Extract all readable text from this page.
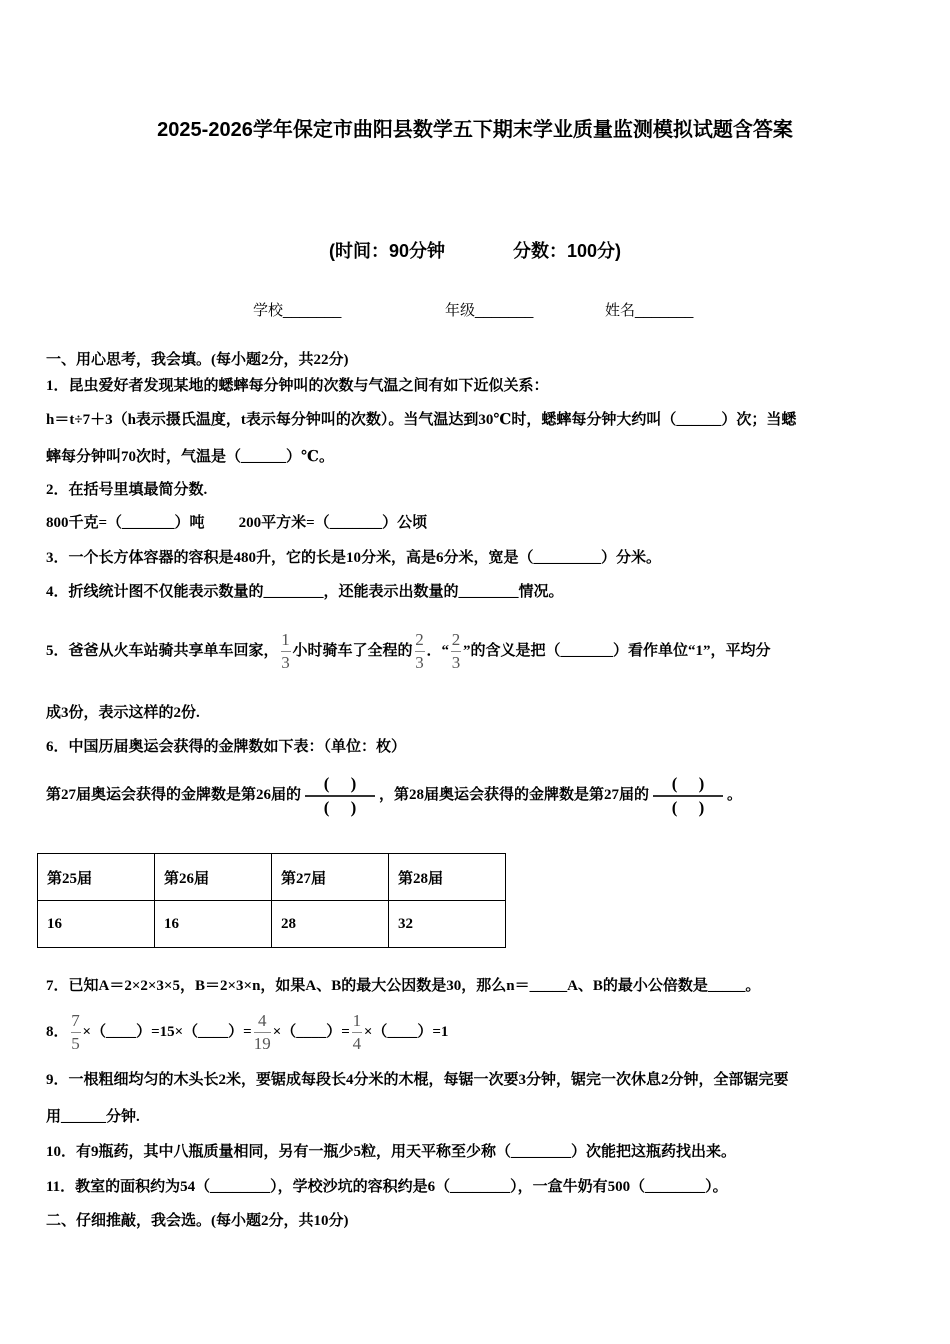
2025-2026学年保定市曲阳县数学五下期末学业质量监测模拟试题含答案
(时间：90分钟	分数：100分)
学校_______	年级_______	姓名_______
一、用心思考，我会填。(每小题2分，共22分)
1．昆虫爱好者发现某地的蟋蟀每分钟叫的次数与气温之间有如下近似关系：
h＝t÷7＋3（h表示摄氏温度，t表示每分钟叫的次数）。当气温达到30℃时，蟋蟀每分钟大约叫（______）次；当蟋
蟀每分钟叫70次时，气温是（______）℃。
2．在括号里填最简分数.
800千克=（_______）吨 200平方米=（_______）公顷
3．一个长方体容器的容积是480升，它的长是10分米，高是6分米，宽是（_________）分米。
4．折线统计图不仅能表示数量的________，还能表示出数量的________情况。
5．爸爸从火车站骑共享单车回家， $\frac{1}{3}$ 小时骑车了全程的 $\frac{2}{3}$ ．“ $\frac{2}{3}$ ”的含义是把（_______）看作单位“1”，平均分
成3份，表示这样的2份.
6．中国历届奥运会获得的金牌数如下表：（单位：枚）
第27届奥运会获得的金牌数是第26届的
(　 )
(　 )
，第28届奥运会获得的金牌数是第27届的
(　 )
(　 )
。
第25届	第26届	第27届	第28届
16	16	28	32
7．已知A＝2×2×3×5，B＝2×3×n，如果A、B的最大公因数是30，那么n＝_____A、B的最小公倍数是_____。
8． $\frac{7}{5}$ ×（____）=15×（____）= $\frac{4}{19}$ ×（____）= $\frac{1}{4}$ ×（____）=1
9．一根粗细均匀的木头长2米，要锯成每段长4分米的木棍，每锯一次要3分钟，锯完一次休息2分钟，全部锯完要
用______分钟.
10．有9瓶药，其中八瓶质量相同，另有一瓶少5粒，用天平称至少称（________）次能把这瓶药找出来。
11．教室的面积约为54（________），学校沙坑的容积约是6（________），一盒牛奶有500（________）。
二、仔细推敲，我会选。(每小题2分，共10分)
